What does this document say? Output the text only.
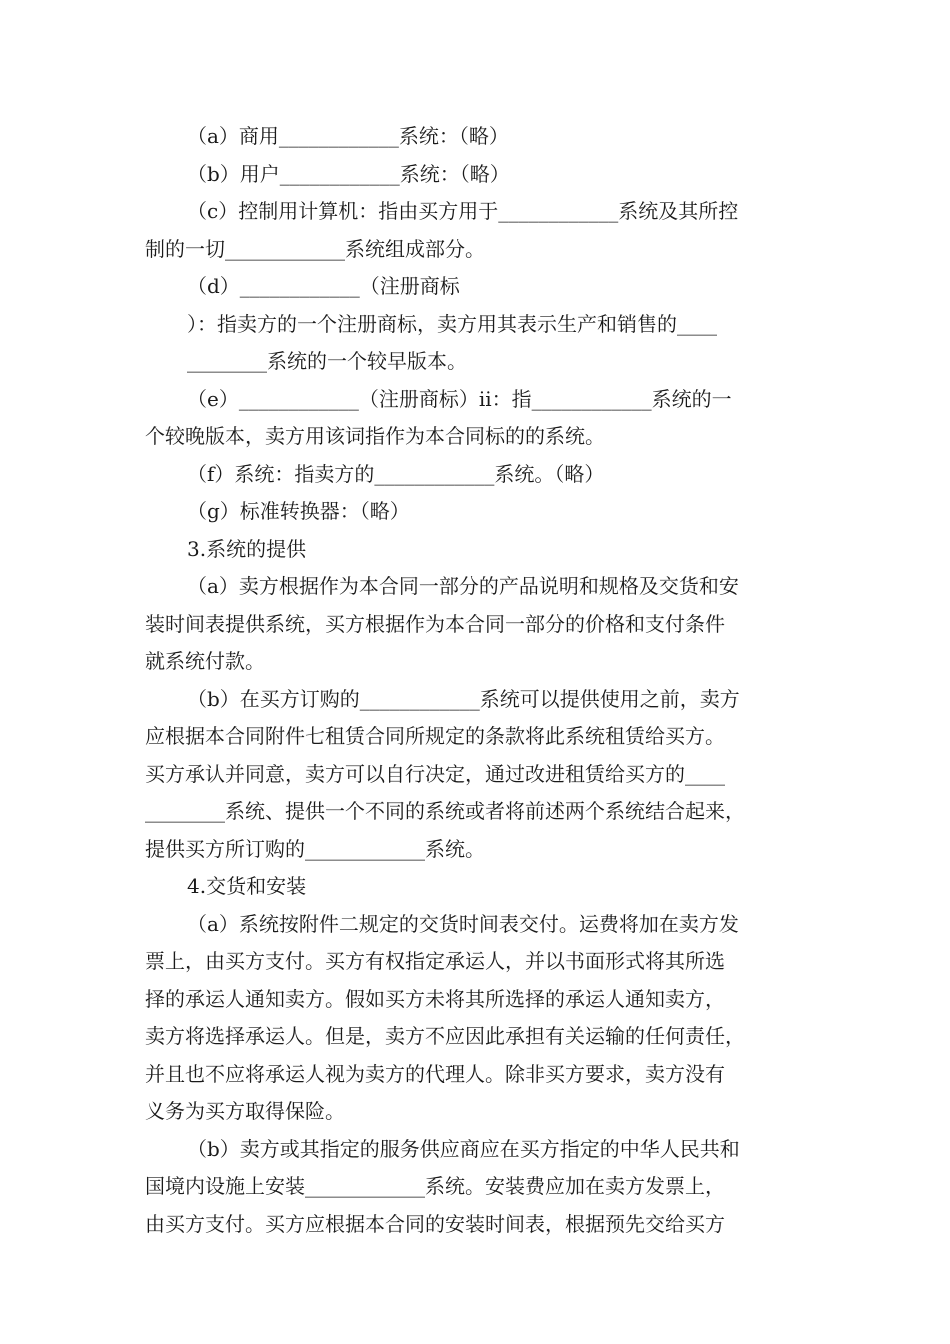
（a）商用____________系统：（略）
（b）用户____________系统：（略）
（c）控制用计算机：指由买方用于____________系统及其所控
制的一切____________系统组成部分。
（d）____________（注册商标
）：指卖方的一个注册商标，卖方用其表示生产和销售的____
________系统的一个较早版本。
（e）____________（注册商标）ii：指____________系统的一
个较晚版本，卖方用该词指作为本合同标的的系统。
（f）系统：指卖方的____________系统。（略）
（g）标准转换器：（略）
3.系统的提供
（a）卖方根据作为本合同一部分的产品说明和规格及交货和安
装时间表提供系统，买方根据作为本合同一部分的价格和支付条件
就系统付款。
（b）在买方订购的____________系统可以提供使用之前，卖方
应根据本合同附件七租赁合同所规定的条款将此系统租赁给买方。
买方承认并同意，卖方可以自行决定，通过改进租赁给买方的____
________系统、提供一个不同的系统或者将前述两个系统结合起来，
提供买方所订购的____________系统。
4.交货和安装
（a）系统按附件二规定的交货时间表交付。运费将加在卖方发
票上，由买方支付。买方有权指定承运人，并以书面形式将其所选
择的承运人通知卖方。假如买方未将其所选择的承运人通知卖方，
卖方将选择承运人。但是，卖方不应因此承担有关运输的任何责任，
并且也不应将承运人视为卖方的代理人。除非买方要求，卖方没有
义务为买方取得保险。
（b）卖方或其指定的服务供应商应在买方指定的中华人民共和
国境内设施上安装____________系统。安装费应加在卖方发票上，
由买方支付。买方应根据本合同的安装时间表，根据预先交给买方
